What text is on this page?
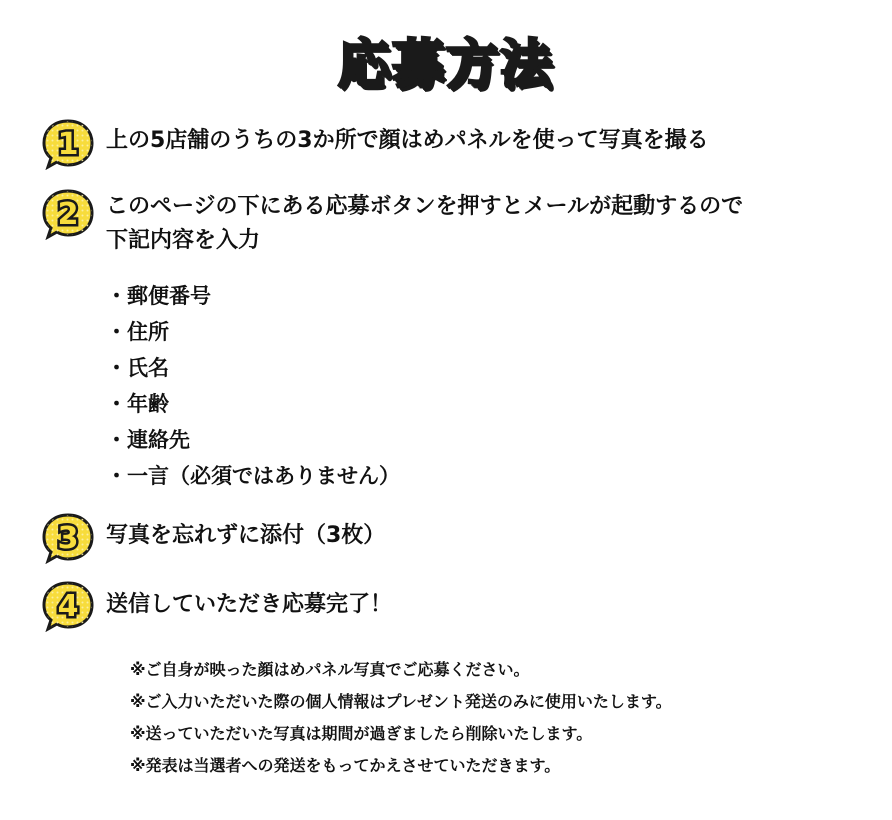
応募方法
1 上の5店舗のうちの3か所で顔はめパネルを使って写真を撮る
2 このページの下にある応募ボタンを押すとメールが起動するので
下記内容を入力
・郵便番号
・住所
・氏名
・年齢
・連絡先
・一言（必須ではありません）
3 写真を忘れずに添付（3枚）
4 送信していただき応募完了！
※ご自身が映った顔はめパネル写真でご応募ください。
※ご入力いただいた際の個人情報はプレゼント発送のみに使用いたします。
※送っていただいた写真は期間が過ぎましたら削除いたします。
※発表は当選者への発送をもってかえさせていただきます。
